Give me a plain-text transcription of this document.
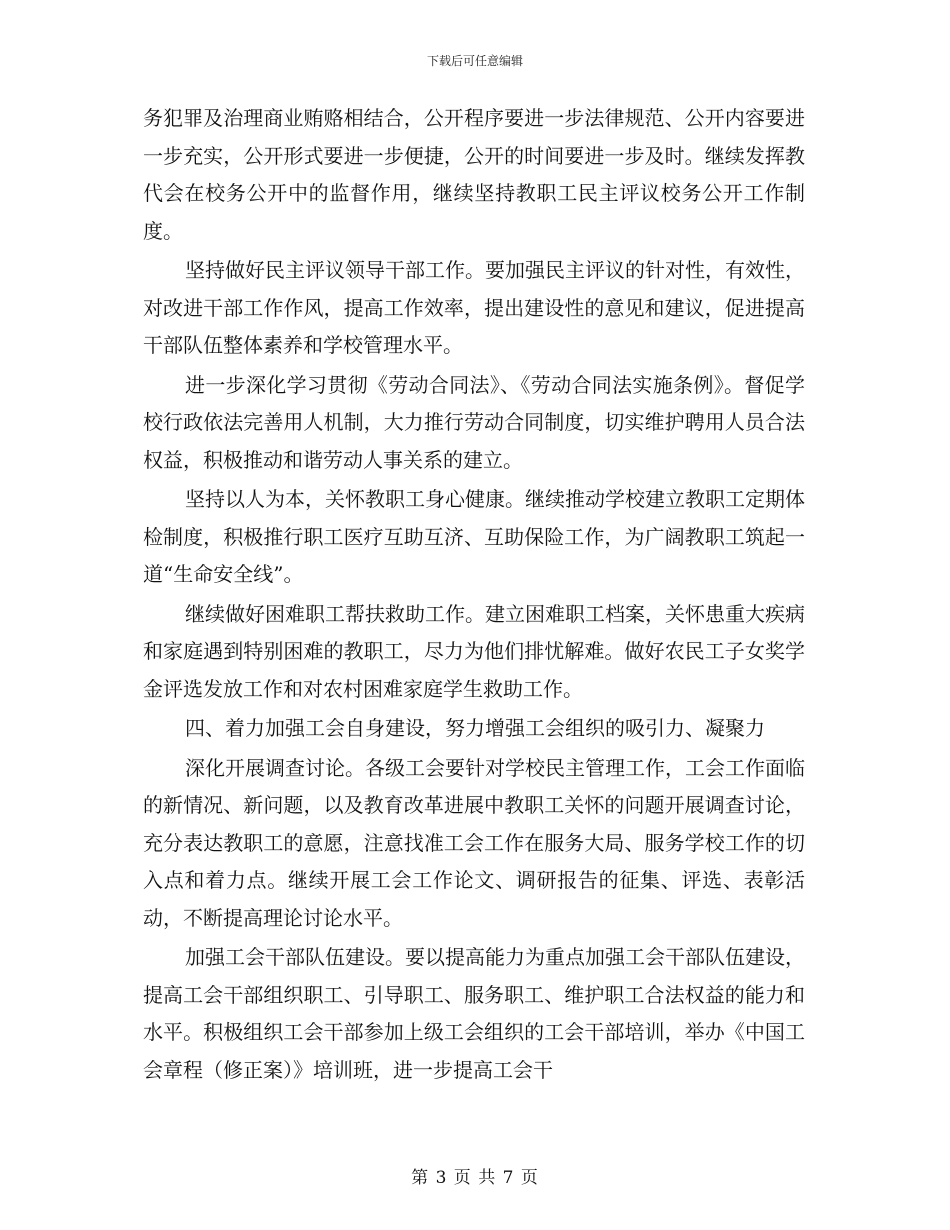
下载后可任意编辑

务犯罪及治理商业贿赂相结合，公开程序要进一步法律规范、公开内容要进一步充实，公开形式要进一步便捷，公开的时间要进一步及时。继续发挥教代会在校务公开中的监督作用，继续坚持教职工民主评议校务公开工作制度。

坚持做好民主评议领导干部工作。要加强民主评议的针对性，有效性，对改进干部工作作风，提高工作效率，提出建设性的意见和建议，促进提高干部队伍整体素养和学校管理水平。

进一步深化学习贯彻《劳动合同法》、《劳动合同法实施条例》。督促学校行政依法完善用人机制，大力推行劳动合同制度，切实维护聘用人员合法权益，积极推动和谐劳动人事关系的建立。

坚持以人为本，关怀教职工身心健康。继续推动学校建立教职工定期体检制度，积极推行职工医疗互助互济、互助保险工作，为广阔教职工筑起一道“生命安全线”。

继续做好困难职工帮扶救助工作。建立困难职工档案，关怀患重大疾病和家庭遇到特别困难的教职工，尽力为他们排忧解难。做好农民工子女奖学金评选发放工作和对农村困难家庭学生救助工作。

四、着力加强工会自身建设，努力增强工会组织的吸引力、凝聚力

深化开展调查讨论。各级工会要针对学校民主管理工作，工会工作面临的新情况、新问题，以及教育改革进展中教职工关怀的问题开展调查讨论，充分表达教职工的意愿，注意找准工会工作在服务大局、服务学校工作的切入点和着力点。继续开展工会工作论文、调研报告的征集、评选、表彰活动，不断提高理论讨论水平。

加强工会干部队伍建设。要以提高能力为重点加强工会干部队伍建设，提高工会干部组织职工、引导职工、服务职工、维护职工合法权益的能力和水平。积极组织工会干部参加上级工会组织的工会干部培训，举办《中国工会章程（修正案）》培训班，进一步提高工会干

第 3 页 共 7 页
